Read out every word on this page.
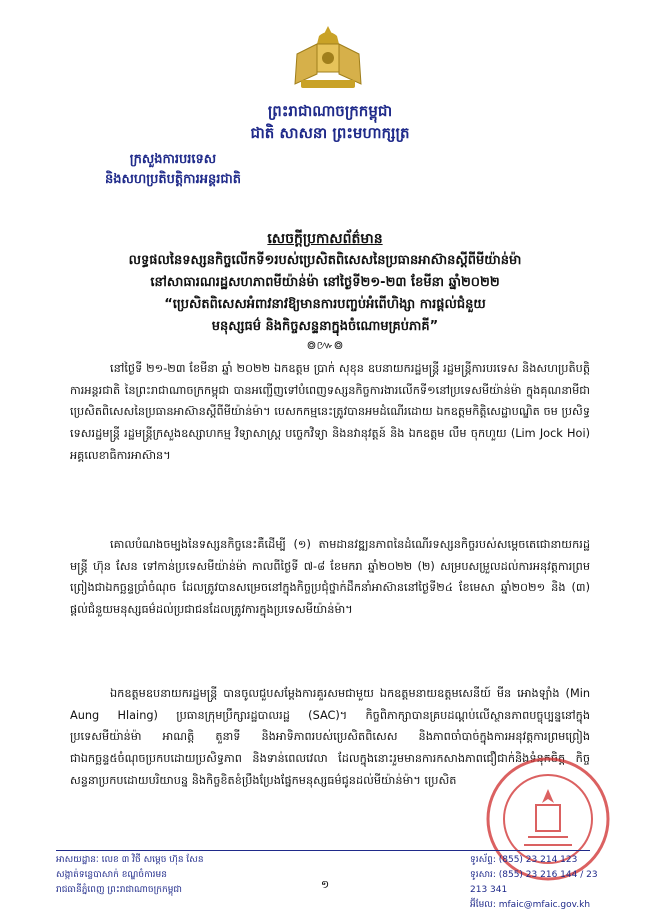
ព្រះរាជាណាចក្រកម្ពុជា
ជាតិ សាសនា ព្រះមហាក្សត្រ
ក្រសួងការបរទេស
និងសហប្រតិបត្តិការអន្តរជាតិ
សេចក្តីប្រកាសព័ត៌មាន
លទ្ធផលនៃទស្សនកិច្ចលើកទី១របស់ប្រេសិតពិសេសនៃប្រធានអាស៊ានស្តីពីមីយ៉ាន់ម៉ា
នៅសាធារណរដ្ឋសហភាពមីយ៉ាន់ម៉ា នៅថ្ងៃទី២១-២៣ ខែមីនា ឆ្នាំ២០២២
“ប្រេសិតពិសេសអំពាវនាវឱ្យមានការបញ្ចប់អំពើហិង្សា ការផ្តល់ជំនួយ
មនុស្សធម៌ និងកិច្ចសន្ទនាក្នុងចំណោមគ្រប់ភាគី”
៙៚៙

នៅថ្ងៃទី ២១-២៣ ខែមីនា ឆ្នាំ ២០២២ ឯកឧត្តម ប្រាក់ សុខុន ឧបនាយករដ្ឋមន្ត្រី រដ្ឋមន្ត្រីការបរទេស និងសហប្រតិបត្តិការអន្តរជាតិ នៃព្រះរាជាណាចក្រកម្ពុជា បានអញ្ជើញទៅបំពេញទស្សនកិច្ចការងារលើកទី១នៅប្រទេសមីយ៉ាន់ម៉ា ក្នុងគុណនាមីជាប្រេសិតពិសេសនៃប្រធានអាស៊ានស្តីពីមីយ៉ាន់ម៉ា។ បេសកកម្មនេះត្រូវបានអមដំណើរដោយ ឯកឧត្តមកិត្តិសេដ្ឋាបណ្ឌិត ចម ប្រសិទ្ធ ទេសរដ្ឋមន្ត្រី រដ្ឋមន្ត្រីក្រសួងឧស្សាហកម្ម វិទ្យាសាស្ត្រ បច្ចេកវិទ្យា និងនវានុវត្តន៍ និង ឯកឧត្តម លឹម ចុកហួយ (Lim Jock Hoi) អគ្គលេខាធិការអាស៊ាន។

គោលបំណងចម្បងនៃទស្សនកិច្ចនេះគឺដើម្បី (១) តាមដានវឌ្ឍនភាពនៃដំណើរទស្សនកិច្ចរបស់សម្តេចតេជោនាយករដ្ឋមន្ត្រី ហ៊ុន សែន ទៅកាន់ប្រទេសមីយ៉ាន់ម៉ា កាលពីថ្ងៃទី ៧-៨ ខែមករា ឆ្នាំ២០២២ (២) សម្របសម្រួលដល់ការអនុវត្តការព្រមព្រៀងជាឯកច្ឆន្ទប្រាំចំណុច ដែលត្រូវបានសម្រេចនៅក្នុងកិច្ចប្រជុំថ្នាក់ដឹកនាំអាស៊ាននៅថ្ងៃទី២៤ ខែមេសា ឆ្នាំ២០២១ និង (៣) ផ្តល់ជំនួយមនុស្សធម៌ដល់ប្រជាជនដែលត្រូវការក្នុងប្រទេសមីយ៉ាន់ម៉ា។

ឯកឧត្តមឧបនាយករដ្ឋមន្ត្រី បានចូលជួបសម្តែងការគួរសមជាមួយ ឯកឧត្តមនាយឧត្តមសេនីយ៍ មីន អោងឡាំង (Min Aung Hlaing) ប្រធានក្រុមប្រឹក្សារដ្ឋបាលរដ្ឋ (SAC)។ កិច្ចពិភាក្សាបានគ្របដណ្តប់លើស្ថានភាពបច្ចុប្បន្ននៅក្នុងប្រទេសមីយ៉ាន់ម៉ា អាណត្តិ តួនាទី និងអាទិភាពរបស់ប្រេសិតពិសេស និងភាពចាំបាច់ក្នុងការអនុវត្តការព្រមព្រៀងជាឯកច្ឆន្ទ៥ចំណុចប្រកបដោយប្រសិទ្ធភាព និងទាន់ពេលវេលា ដែលក្នុងនោះរួមមានការកសាងភាពជឿជាក់និងទំនុកចិត្ត កិច្ចសន្ទនាប្រកបដោយបរិយាបន្ន និងកិច្ចខិតខំប្រឹងប្រែងផ្នែកមនុស្សធម៌ជូនដល់មីយ៉ាន់ម៉ា។ ប្រេសិត

អាសយដ្ឋានៈ លេខ ៣ វិថី សម្តេច ហ៊ុន សែន
សង្កាត់ទន្លេបាសាក់ ខណ្ឌចំការមន
រាជធានីភ្នំពេញ ព្រះរាជាណាចក្រកម្ពុជា	១
ទូរស័ព្ទ: (855) 23 214 123
ទូរសារ: (855) 23 216 144 / 23 213 341
អ៊ីមែល: mfaic@mfaic.gov.kh
